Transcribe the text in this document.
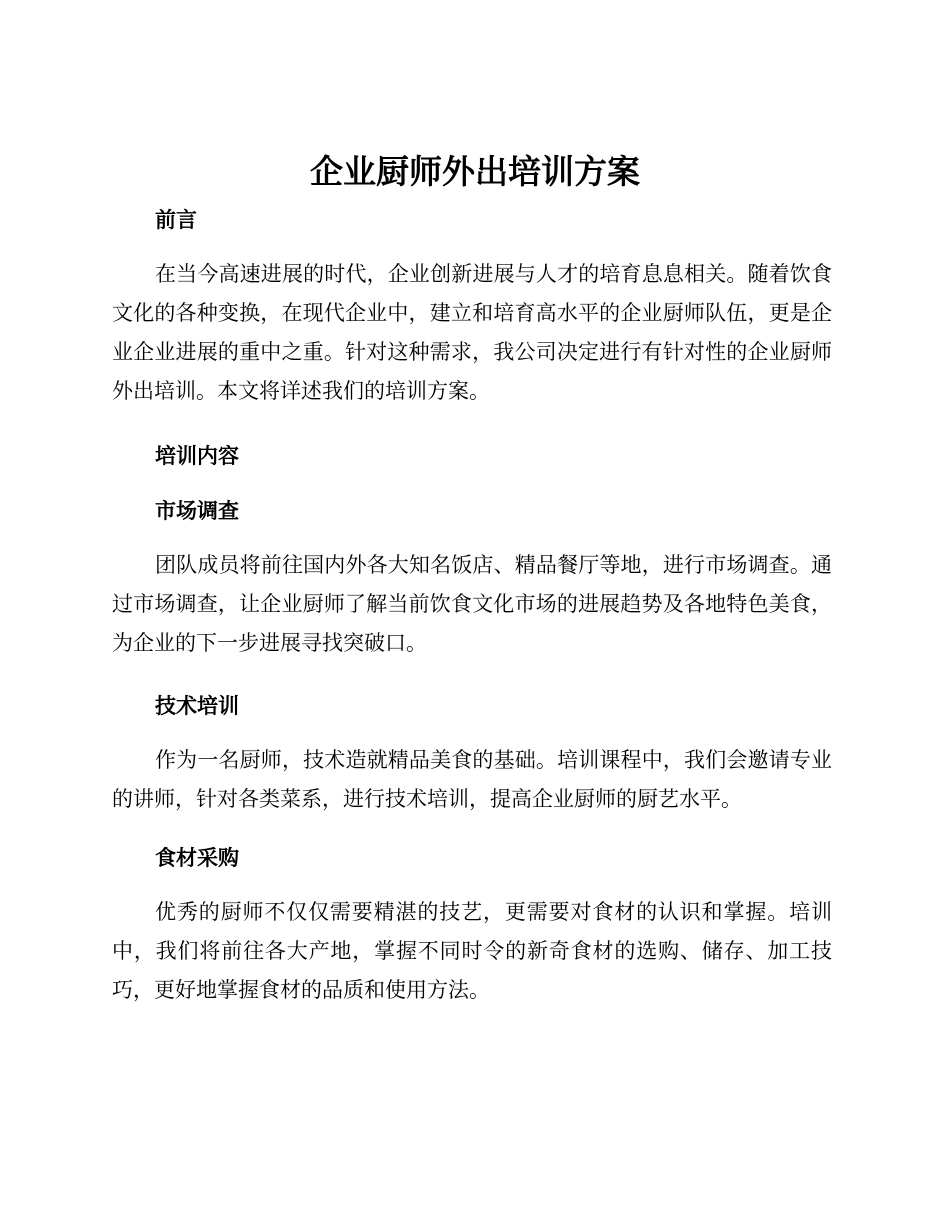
企业厨师外出培训方案
前言

在当今高速进展的时代，企业创新进展与人才的培育息息相关。随着饮食文化的各种变换，在现代企业中，建立和培育高水平的企业厨师队伍，更是企业企业进展的重中之重。针对这种需求，我公司决定进行有针对性的企业厨师外出培训。本文将详述我们的培训方案。

培训内容
市场调查

团队成员将前往国内外各大知名饭店、精品餐厅等地，进行市场调查。通过市场调查，让企业厨师了解当前饮食文化市场的进展趋势及各地特色美食，为企业的下一步进展寻找突破口。

技术培训

作为一名厨师，技术造就精品美食的基础。培训课程中，我们会邀请专业的讲师，针对各类菜系，进行技术培训，提高企业厨师的厨艺水平。

食材采购

优秀的厨师不仅仅需要精湛的技艺，更需要对食材的认识和掌握。培训中，我们将前往各大产地，掌握不同时令的新奇食材的选购、储存、加工技巧，更好地掌握食材的品质和使用方法。
